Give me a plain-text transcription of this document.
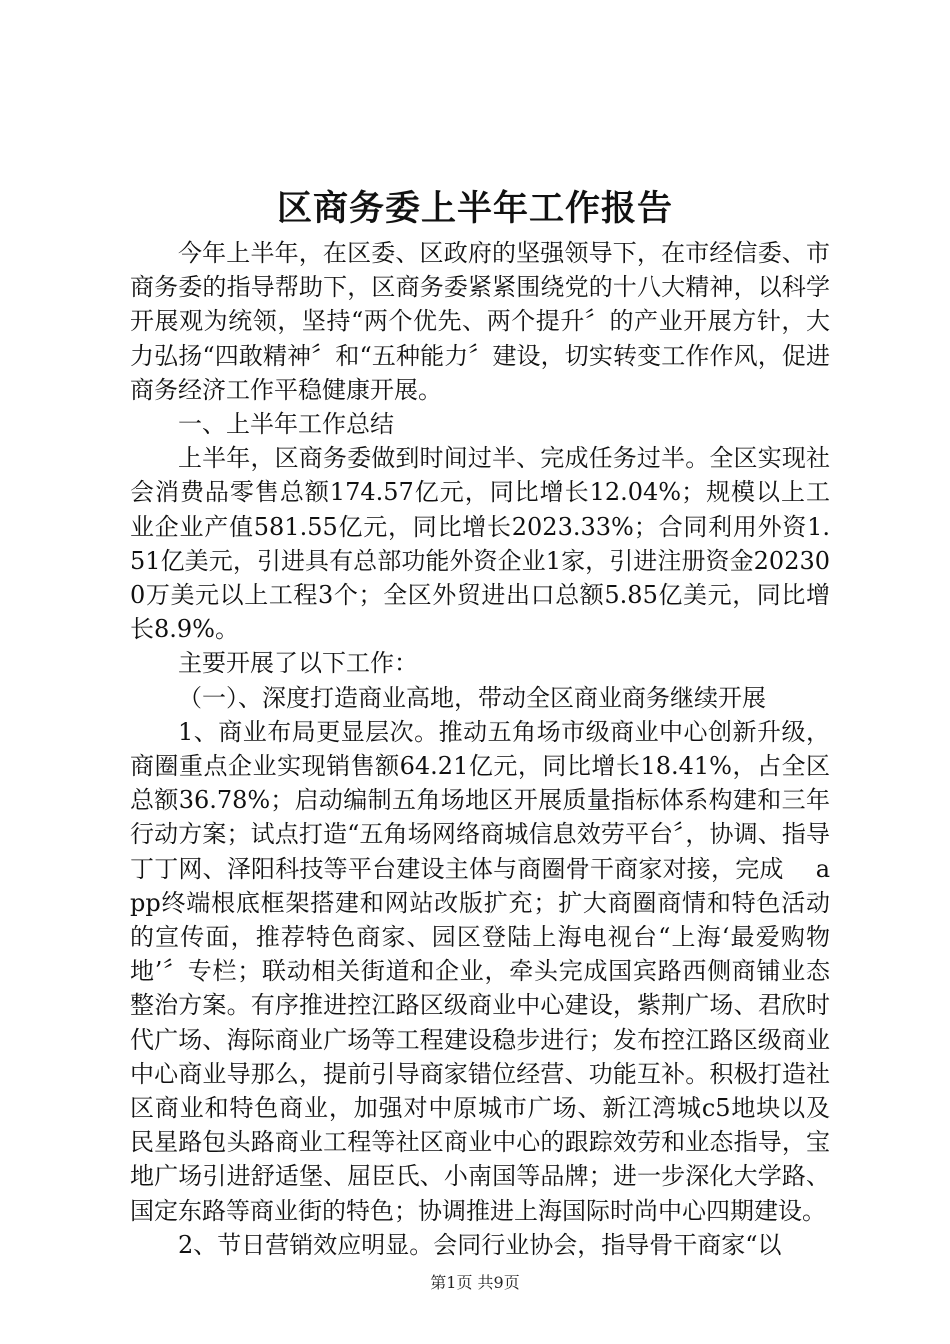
区商务委上半年工作报告

今年上半年，在区委、区政府的坚强领导下，在市经信委、市商务委的指导帮助下，区商务委紧紧围绕党的十八大精神，以科学开展观为统领，坚持“两个优先、两个提升〞的产业开展方针，大力弘扬“四敢精神〞和“五种能力〞建设，切实转变工作作风，促进商务经济工作平稳健康开展。

一、上半年工作总结

上半年，区商务委做到时间过半、完成任务过半。全区实现社会消费品零售总额174.57亿元，同比增长12.04%；规模以上工业企业产值581.55亿元，同比增长2023.33%；合同利用外资1.51亿美元，引进具有总部功能外资企业1家，引进注册资金202300万美元以上工程3个；全区外贸进出口总额5.85亿美元，同比增长8.9%。

主要开展了以下工作：

（一）、深度打造商业高地，带动全区商业商务继续开展

1、商业布局更显层次。推动五角场市级商业中心创新升级，商圈重点企业实现销售额64.21亿元，同比增长18.41%，占全区总额36.78%；启动编制五角场地区开展质量指标体系构建和三年行动方案；试点打造“五角场网络商城信息效劳平台〞，协调、指导丁丁网、泽阳科技等平台建设主体与商圈骨干商家对接，完成　 app终端根底框架搭建和网站改版扩充；扩大商圈商情和特色活动的宣传面，推荐特色商家、园区登陆上海电视台“上海‘最爱购物地’〞专栏；联动相关街道和企业，牵头完成国宾路西侧商铺业态整治方案。有序推进控江路区级商业中心建设，紫荆广场、君欣时代广场、海际商业广场等工程建设稳步进行；发布控江路区级商业中心商业导那么，提前引导商家错位经营、功能互补。积极打造社区商业和特色商业，加强对中原城市广场、新江湾城c5地块以及民星路包头路商业工程等社区商业中心的跟踪效劳和业态指导，宝地广场引进舒适堡、屈臣氏、小南国等品牌；进一步深化大学路、国定东路等商业街的特色；协调推进上海国际时尚中心四期建设。

2、节日营销效应明显。会同行业协会，指导骨干商家“以

第1页 共9页
